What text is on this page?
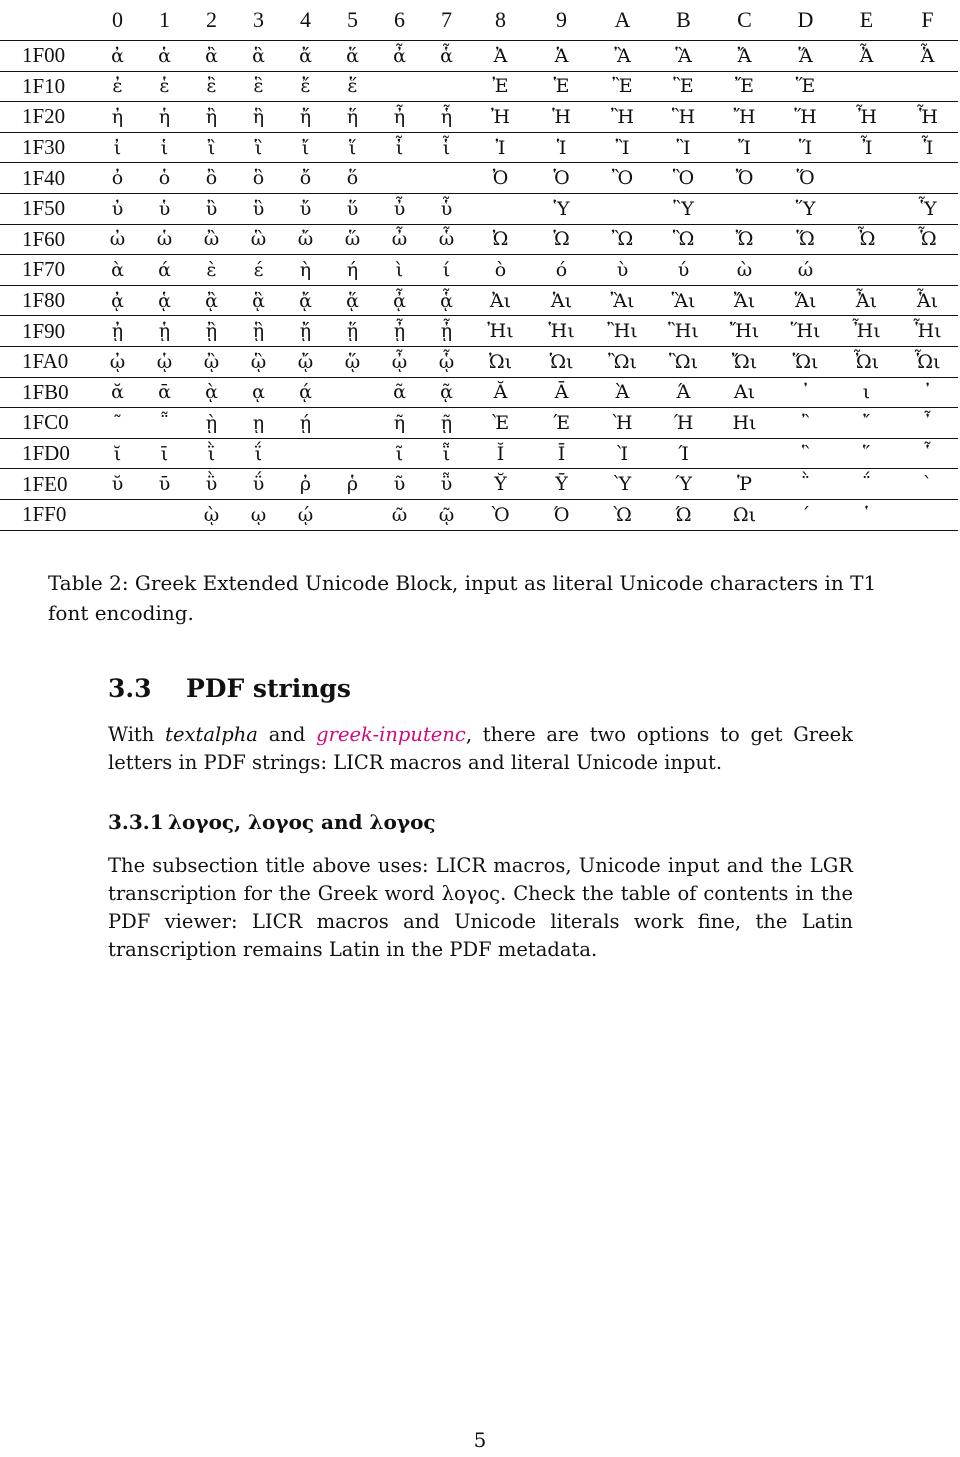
	0	1	2	3	4	5	6	7	8	9	A	B	C	D	E	F
1F00	ἀ	ἁ	ἂ	ἃ	ἄ	ἅ	ἆ	ἇ	Ἀ	Ἁ	Ἂ	Ἃ	Ἄ	Ἅ	Ἆ	Ἇ
1F10	ἐ	ἑ	ἒ	ἓ	ἔ	ἕ			Ἐ	Ἑ	Ἒ	Ἓ	Ἔ	Ἕ		
1F20	ἠ	ἡ	ἢ	ἣ	ἤ	ἥ	ἦ	ἧ	Ἠ	Ἡ	Ἢ	Ἣ	Ἤ	Ἥ	Ἦ	Ἧ
1F30	ἰ	ἱ	ἲ	ἳ	ἴ	ἵ	ἶ	ἷ	Ἰ	Ἱ	Ἲ	Ἳ	Ἴ	Ἵ	Ἶ	Ἷ
1F40	ὀ	ὁ	ὂ	ὃ	ὄ	ὅ			Ὀ	Ὁ	Ὂ	Ὃ	Ὄ	Ὅ		
1F50	ὐ	ὑ	ὒ	ὓ	ὔ	ὕ	ὖ	ὗ		Ὑ		Ὓ		Ὕ		Ὗ
1F60	ὠ	ὡ	ὢ	ὣ	ὤ	ὥ	ὦ	ὧ	Ὠ	Ὡ	Ὢ	Ὣ	Ὤ	Ὥ	Ὦ	Ὧ
1F70	ὰ	ά	ὲ	έ	ὴ	ή	ὶ	ί	ὸ	ό	ὺ	ύ	ὼ	ώ		
1F80	ᾀ	ᾁ	ᾂ	ᾃ	ᾄ	ᾅ	ᾆ	ᾇ	Ἀι	Ἁι	Ἂι	Ἃι	Ἄι	Ἅι	Ἆι	Ἇι
1F90	ᾐ	ᾑ	ᾒ	ᾓ	ᾔ	ᾕ	ᾖ	ᾗ	Ἠι	Ἡι	Ἢι	Ἣι	Ἤι	Ἥι	Ἦι	Ἧι
1FA0	ᾠ	ᾡ	ᾢ	ᾣ	ᾤ	ᾥ	ᾦ	ᾧ	Ὠι	Ὡι	Ὢι	Ὣι	Ὤι	Ὥι	Ὦι	Ὧι
1FB0	ᾰ	ᾱ	ᾲ	ᾳ	ᾴ		ᾶ	ᾷ	Ᾰ	Ᾱ	Ὰ	Ά	Αι	᾽	ι	᾿
1FC0	῀	῁	ῂ	ῃ	ῄ		ῆ	ῇ	Ὲ	Έ	Ὴ	Ή	Ηι	῍	῎	῏
1FD0	ῐ	ῑ	ῒ	ΐ			ῖ	ῗ	Ῐ	Ῑ	Ὶ	Ί		῝	῞	῟
1FE0	ῠ	ῡ	ῢ	ΰ	ῤ	ῥ	ῦ	ῧ	Ῠ	Ῡ	Ὺ	Ύ	Ῥ	῭	΅	`
1FF0			ῲ	ῳ	ῴ		ῶ	ῷ	Ὸ	Ό	Ὼ	Ώ	Ωι	´	῾	
Table 2: Greek Extended Unicode Block, input as literal Unicode characters in T1 font encoding.
3.3 PDF strings
With textalpha and greek-inputenc, there are two options to get Greek letters in PDF strings: LICR macros and literal Unicode input.
3.3.1 λογος, λογος and λογος
The subsection title above uses: LICR macros, Unicode input and the LGR transcription for the Greek word λογος. Check the table of contents in the PDF viewer: LICR macros and Unicode literals work fine, the Latin transcription remains Latin in the PDF metadata.
5
